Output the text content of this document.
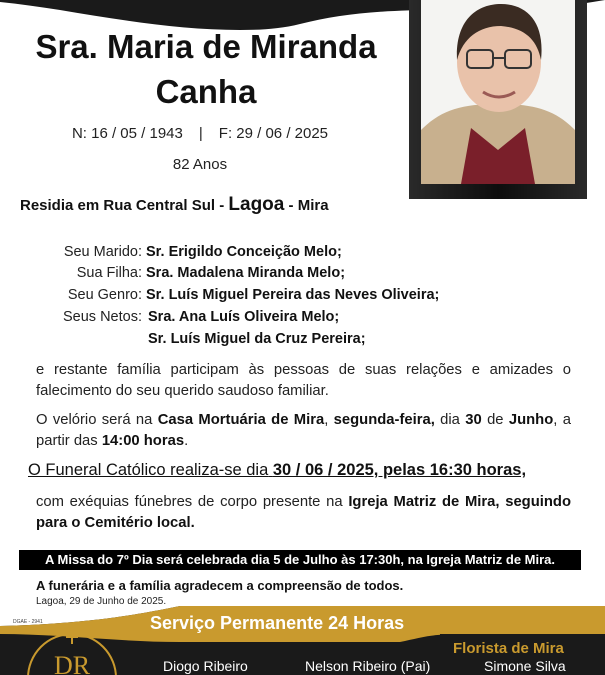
Sra. Maria de Miranda
Canha
N: 16 / 05 / 1943 | F: 29 / 06 / 2025
82 Anos
Residia em Rua Central Sul - Lagoa - Mira
Seu Marido: Sr. Erigildo Conceição Melo;
Sua Filha: Sra. Madalena Miranda Melo;
Seu Genro: Sr. Luís Miguel Pereira das Neves Oliveira;
Seus Netos: Sra. Ana Luís Oliveira Melo;
Sr. Luís Miguel da Cruz Pereira;
e restante família participam às pessoas de suas relações e amizades o falecimento do seu querido saudoso familiar.
O velório será na Casa Mortuária de Mira, segunda-feira, dia 30 de Junho, a partir das 14:00 horas.
O Funeral Católico realiza-se dia 30 / 06 / 2025, pelas 16:30 horas,
com exéquias fúnebres de corpo presente na Igreja Matriz de Mira, seguindo para o Cemitério local.
A Missa do 7º Dia será celebrada dia 5 de Julho às 17:30h, na Igreja Matriz de Mira.
A funerária e a família agradecem a compreensão de todos.
Lagoa, 29 de Junho de 2025.
DGAE - 2941	Serviço Permanente 24 Horas
Florista de Mira
DR	Diogo Ribeiro	Nelson Ribeiro (Pai)	Simone Silva
